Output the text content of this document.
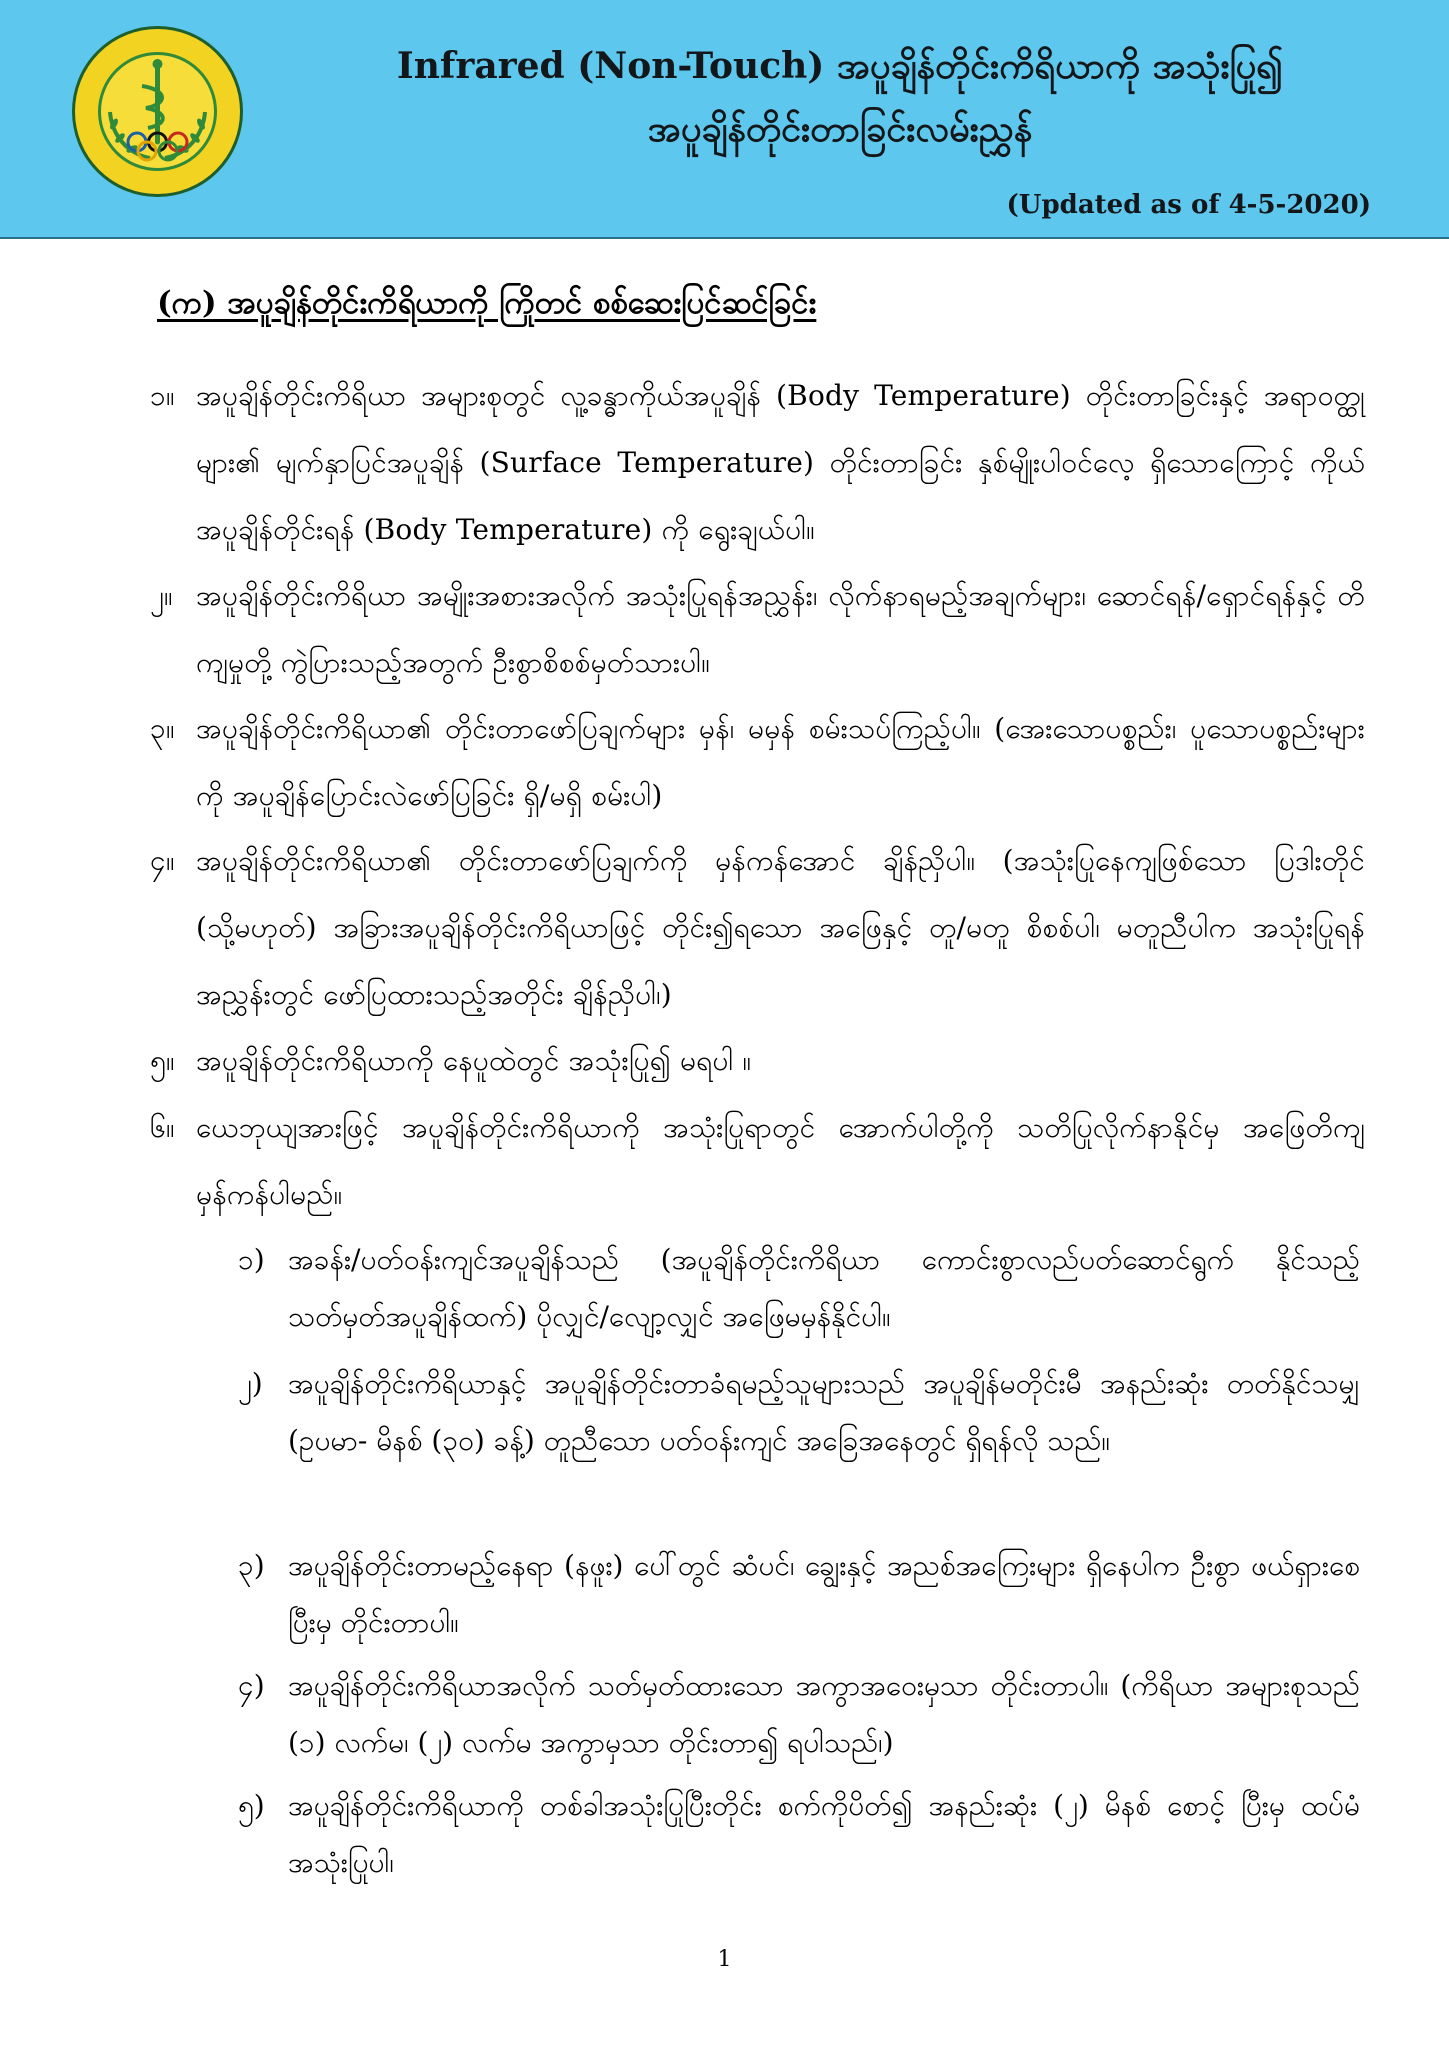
Infrared (Non-Touch) အပူချိန်တိုင်းကိရိယာကို အသုံးပြု၍
အပူချိန်တိုင်းတာခြင်းလမ်းညွှန်
(Updated as of 4-5-2020)
(က) အပူချိန်တိုင်းကိရိယာကို ကြိုတင် စစ်ဆေးပြင်ဆင်ခြင်း
၁။ အပူချိန်တိုင်းကိရိယာ အများစုတွင် လူ့ခန္ဓာကိုယ်အပူချိန် (Body Temperature) တိုင်းတာခြင်းနှင့် အရာဝတ္ထုများ၏ မျက်နှာပြင်အပူချိန် (Surface Temperature) တိုင်းတာခြင်း နှစ်မျိုးပါဝင်လေ့ ရှိသောကြောင့် ကိုယ်အပူချိန်တိုင်းရန် (Body Temperature) ကို ရွေးချယ်ပါ။
၂။ အပူချိန်တိုင်းကိရိယာ အမျိုးအစားအလိုက် အသုံးပြုရန်အညွှန်း၊ လိုက်နာရမည့်အချက်များ၊ ဆောင်ရန်/ရှောင်ရန်နှင့် တိကျမှုတို့ ကွဲပြားသည့်အတွက် ဦးစွာစိစစ်မှတ်သားပါ။
၃။ အပူချိန်တိုင်းကိရိယာ၏ တိုင်းတာဖော်ပြချက်များ မှန်၊ မမှန် စမ်းသပ်ကြည့်ပါ။ (အေးသောပစ္စည်း၊ ပူသောပစ္စည်းများကို အပူချိန်ပြောင်းလဲဖော်ပြခြင်း ရှိ/မရှိ စမ်းပါ)
၄။ အပူချိန်တိုင်းကိရိယာ၏ တိုင်းတာဖော်ပြချက်ကို မှန်ကန်အောင် ချိန်ညှိပါ။ (အသုံးပြုနေကျဖြစ်သော ပြဒါးတိုင် (သို့မဟုတ်) အခြားအပူချိန်တိုင်းကိရိယာဖြင့် တိုင်း၍ရသော အဖြေနှင့် တူ/မတူ စိစစ်ပါ၊ မတူညီပါက အသုံးပြုရန် အညွှန်းတွင် ဖော်ပြထားသည့်အတိုင်း ချိန်ညှိပါ၊)
၅။ အပူချိန်တိုင်းကိရိယာကို နေပူထဲတွင် အသုံးပြု၍ မရပါ ။
၆။ ယေဘုယျအားဖြင့် အပူချိန်တိုင်းကိရိယာကို အသုံးပြုရာတွင် အောက်ပါတို့ကို သတိပြုလိုက်နာနိုင်မှ အဖြေတိကျ မှန်ကန်ပါမည်။
၁) အခန်း/ပတ်ဝန်းကျင်အပူချိန်သည် (အပူချိန်တိုင်းကိရိယာ ကောင်းစွာလည်ပတ်ဆောင်ရွက် နိုင်သည့် သတ်မှတ်အပူချိန်ထက်) ပိုလျှင်/လျော့လျှင် အဖြေမမှန်နိုင်ပါ။
၂) အပူချိန်တိုင်းကိရိယာနှင့် အပူချိန်တိုင်းတာခံရမည့်သူများသည် အပူချိန်မတိုင်းမီ အနည်းဆုံး တတ်နိုင်သမျှ (ဥပမာ- မိနစ် (၃၀) ခန့်) တူညီသော ပတ်ဝန်းကျင် အခြေအနေတွင် ရှိရန်လို သည်။
၃) အပူချိန်တိုင်းတာမည့်နေရာ (နဖူး) ပေါ်တွင် ဆံပင်၊ ချွေးနှင့် အညစ်အကြေးများ ရှိနေပါက ဦးစွာ ဖယ်ရှားစေပြီးမှ တိုင်းတာပါ။
၄) အပူချိန်တိုင်းကိရိယာအလိုက် သတ်မှတ်ထားသော အကွာအဝေးမှသာ တိုင်းတာပါ။ (ကိရိယာ အများစုသည် (၁) လက်မ၊ (၂) လက်မ အကွာမှသာ တိုင်းတာ၍ ရပါသည်၊)
၅) အပူချိန်တိုင်းကိရိယာကို တစ်ခါအသုံးပြုပြီးတိုင်း စက်ကိုပိတ်၍ အနည်းဆုံး (၂) မိနစ် စောင့် ပြီးမှ ထပ်မံအသုံးပြုပါ၊
1
